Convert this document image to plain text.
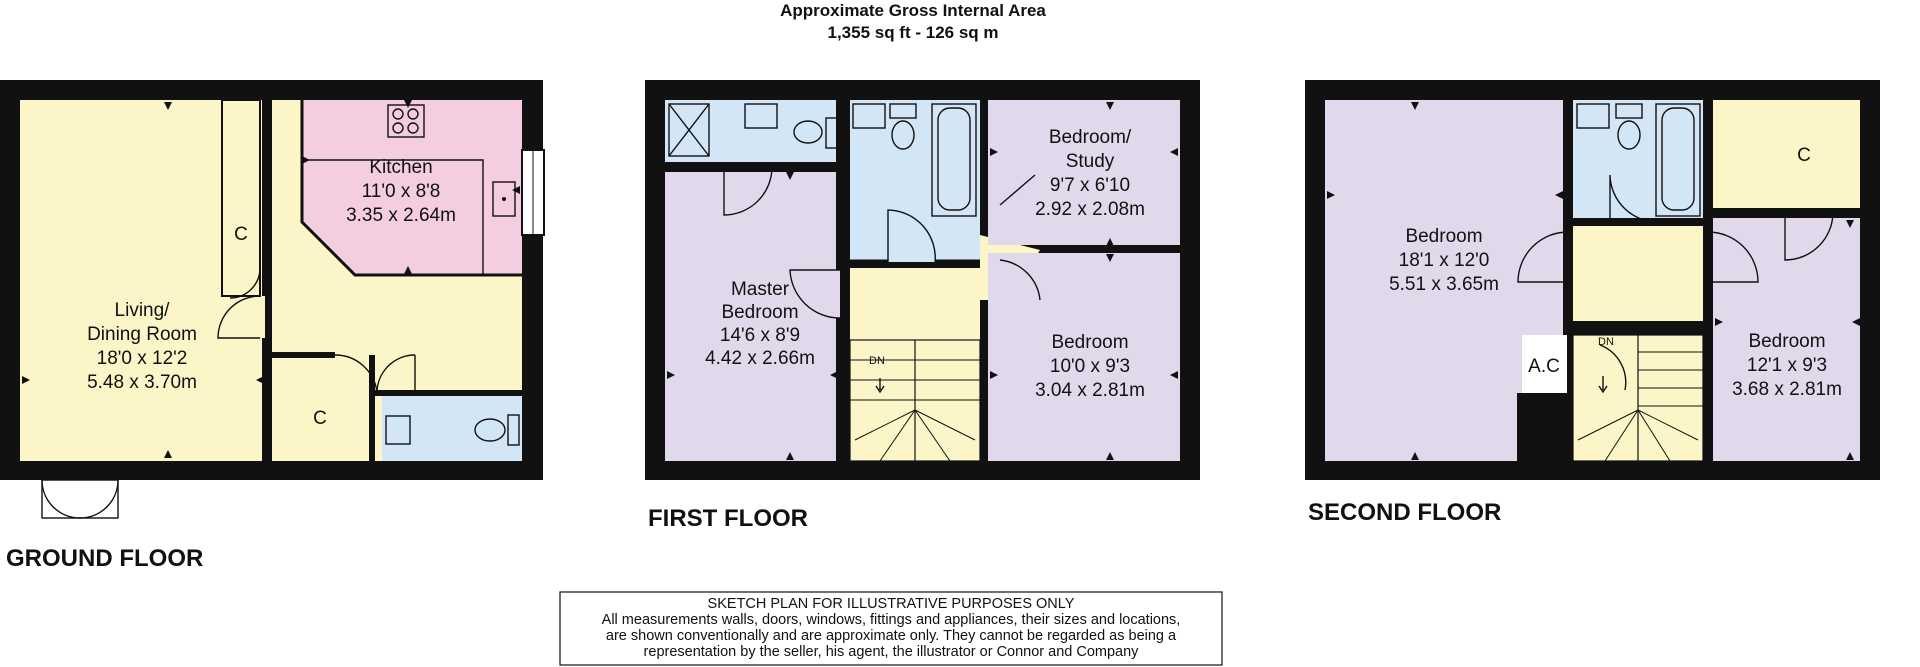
Approximate Gross Internal Area
1,355 sq ft - 126 sq m
Living/
Dining Room
18'0 x 12'2
5.48 x 3.70m
Kitchen
11'0 x 8'8
3.35 x 2.64m
C
C
GROUND FLOOR
DN
Master
Bedroom
14'6 x 8'9
4.42 x 2.66m
Bedroom/
Study
9'7 x 6'10
2.92 x 2.08m
Bedroom
10'0 x 9'3
3.04 x 2.81m
FIRST FLOOR
DN
Bedroom
18'1 x 12'0
5.51 x 3.65m
Bedroom
12'1 x 9'3
3.68 x 2.81m
C
A.C
SECOND FLOOR
SKETCH PLAN FOR ILLUSTRATIVE PURPOSES ONLY
All measurements walls, doors, windows, fittings and appliances, their sizes and locations,
are shown conventionally and are approximate only. They cannot be regarded as being a
representation by the seller, his agent, the illustrator or Connor and Company
